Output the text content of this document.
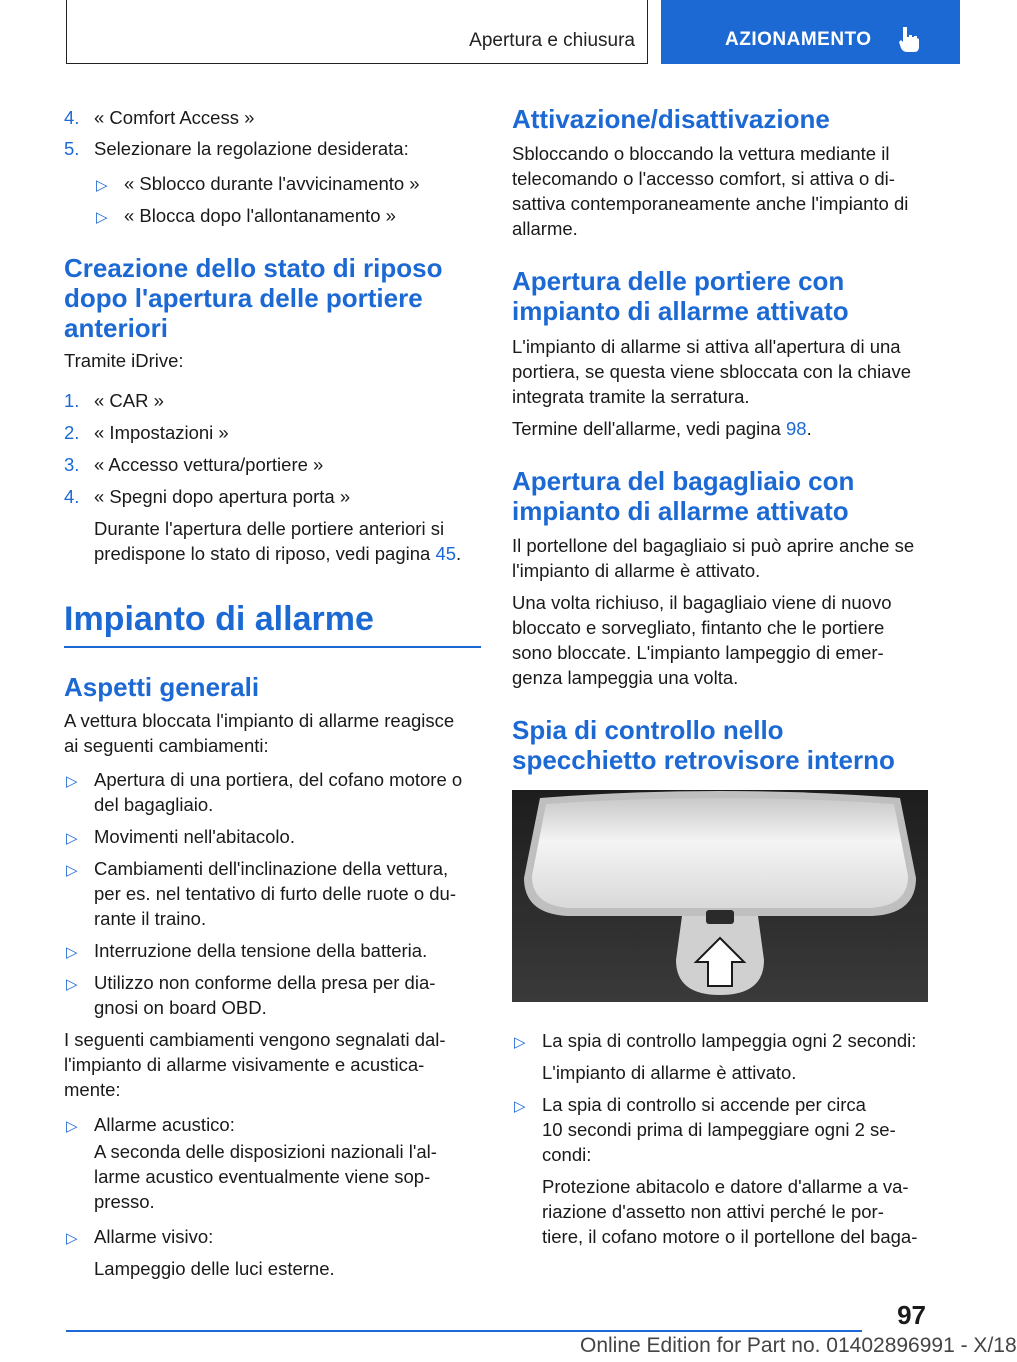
Apertura e chiusura	AZIONAMENTO
4. « Comfort Access »
5. Selezionare la regolazione desiderata:
▷ « Sblocco durante l'avvicinamento »
▷ « Blocca dopo l'allontanamento »
Creazione dello stato di riposo
dopo l'apertura delle portiere
anteriori
Tramite iDrive:
1. « CAR »
2. « Impostazioni »
3. « Accesso vettura/portiere »
4. « Spegni dopo apertura porta »
Durante l'apertura delle portiere anteriori si
predispone lo stato di riposo, vedi pagina 45.
Impianto di allarme
Aspetti generali
A vettura bloccata l'impianto di allarme reagisce
ai seguenti cambiamenti:
▷ Apertura di una portiera, del cofano motore o
del bagagliaio.
▷ Movimenti nell'abitacolo.
▷ Cambiamenti dell'inclinazione della vettura,
per es. nel tentativo di furto delle ruote o du-
rante il traino.
▷ Interruzione della tensione della batteria.
▷ Utilizzo non conforme della presa per dia-
gnosi on board OBD.
I seguenti cambiamenti vengono segnalati dal-
l'impianto di allarme visivamente e acustica-
mente:
▷ Allarme acustico:
A seconda delle disposizioni nazionali l'al-
larme acustico eventualmente viene sop-
presso.
▷ Allarme visivo:
Lampeggio delle luci esterne.
Attivazione/disattivazione
Sbloccando o bloccando la vettura mediante il
telecomando o l'accesso comfort, si attiva o di-
sattiva contemporaneamente anche l'impianto di
allarme.
Apertura delle portiere con
impianto di allarme attivato
L'impianto di allarme si attiva all'apertura di una
portiera, se questa viene sbloccata con la chiave
integrata tramite la serratura.
Termine dell'allarme, vedi pagina 98.
Apertura del bagagliaio con
impianto di allarme attivato
Il portellone del bagagliaio si può aprire anche se
l'impianto di allarme è attivato.
Una volta richiuso, il bagagliaio viene di nuovo
bloccato e sorvegliato, fintanto che le portiere
sono bloccate. L'impianto lampeggio di emer-
genza lampeggia una volta.
Spia di controllo nello
specchietto retrovisore interno
▷ La spia di controllo lampeggia ogni 2 secondi:
L'impianto di allarme è attivato.
▷ La spia di controllo si accende per circa
10 secondi prima di lampeggiare ogni 2 se-
condi:
Protezione abitacolo e datore d'allarme a va-
riazione d'assetto non attivi perché le por-
tiere, il cofano motore o il portellone del baga-
97
Online Edition for Part no. 01402896991 - X/18
